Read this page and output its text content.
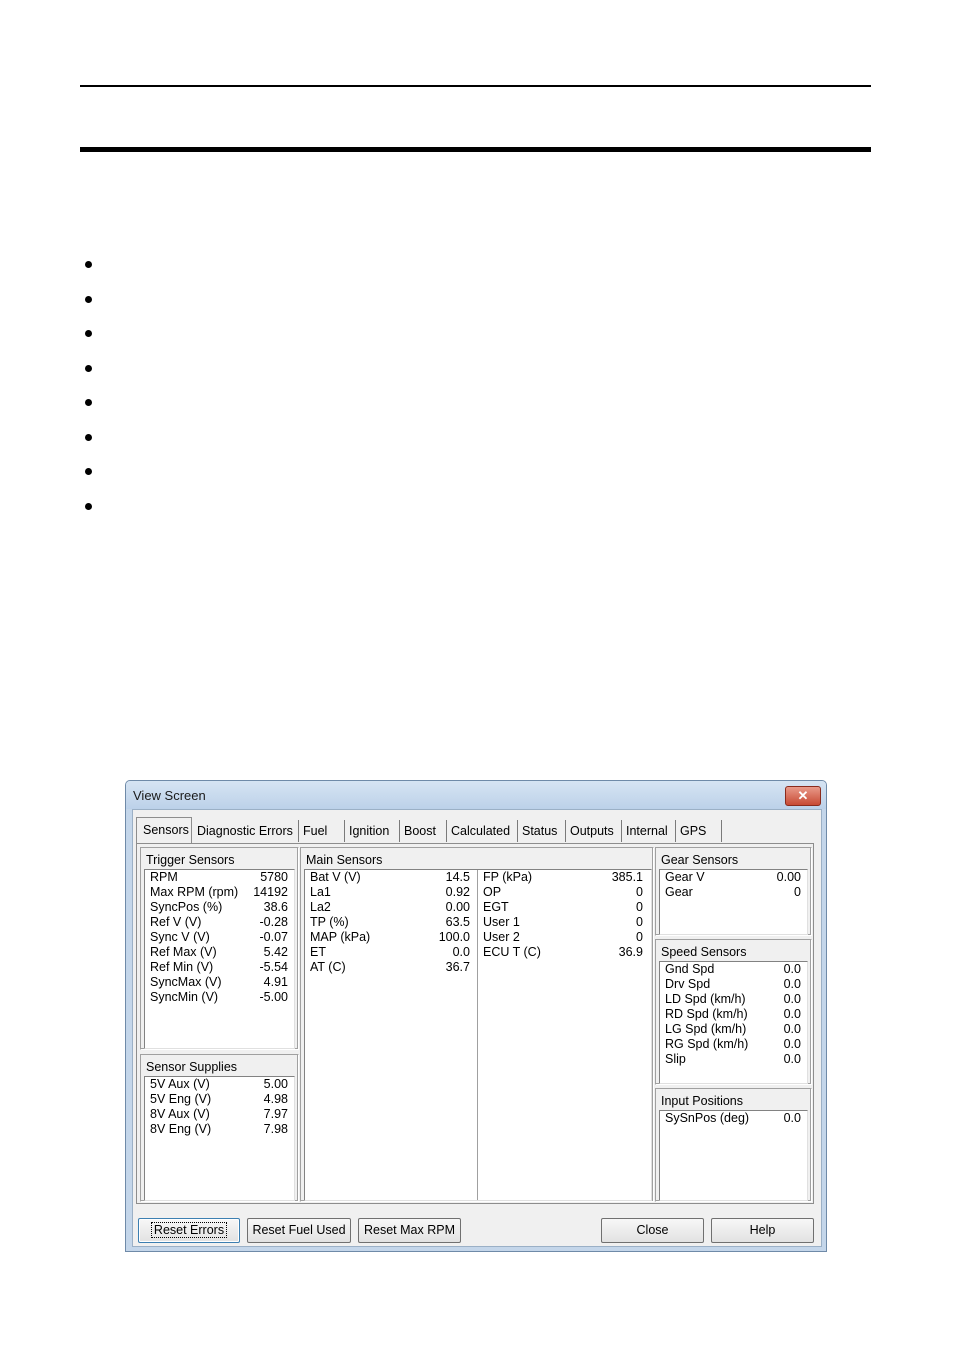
View Screen	✕
Sensors Diagnostic Errors Fuel	Ignition	Boost	Calculated Status	Outputs Internal GPS
Trigger Sensors
RPM	5780
Max RPM (rpm) 14192
SyncPos (%)	38.6
Ref V (V)	-0.28
Sync V (V)	-0.07
Ref Max (V)	5.42
Ref Min (V)	-5.54
SyncMax (V)	4.91
SyncMin (V)	-5.00
Sensor Supplies
5V Aux (V)	5.00
5V Eng (V)	4.98
8V Aux (V)	7.97
8V Eng (V)	7.98
Main Sensors
Bat V (V)	14.5
La1	0.92
La2	0.00
TP (%)	63.5
MAP (kPa)	100.0
ET	0.0
AT (C)	36.7
FP (kPa)	385.1
OP	0
EGT	0
User 1	0
User 2	0
ECU T (C)	36.9
Gear Sensors
Gear V	0.00
Gear	0
Speed Sensors
Gnd Spd	0.0
Drv Spd	0.0
LD Spd (km/h)	0.0
RD Spd (km/h)	0.0
LG Spd (km/h)	0.0
RG Spd (km/h)	0.0
Slip	0.0
Input Positions
SySnPos (deg)	0.0
Reset Errors	Reset Fuel Used	Reset Max RPM	Close	Help
